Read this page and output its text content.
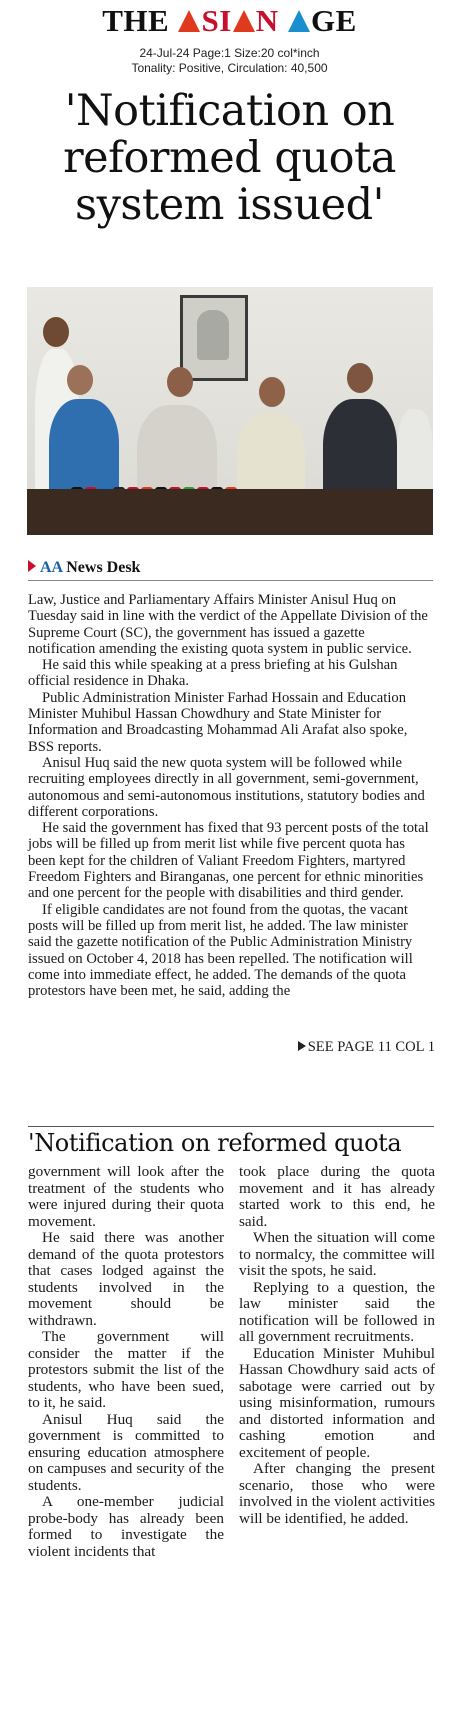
THE SI N GE
24-Jul-24 Page:1 Size:20 col*inch
Tonality: Positive, Circulation: 40,500
'Notification on
reformed quota
system issued'
AA News Desk

Law, Justice and Parliamentary Affairs Minister Anisul Huq on Tuesday said in line with the verdict of the Appellate Division of the Supreme Court (SC), the government has issued a gazette notification amending the existing quota system in public service.

He said this while speaking at a press briefing at his Gulshan official residence in Dhaka.

Public Administration Minister Farhad Hossain and Education Minister Muhibul Hassan Chowdhury and State Minister for Information and Broadcasting Mohammad Ali Arafat also spoke, BSS reports.

Anisul Huq said the new quota system will be followed while recruiting employees directly in all government, semi-government, autonomous and semi-autonomous institutions, statutory bodies and different corporations.

He said the government has fixed that 93 percent posts of the total jobs will be filled up from merit list while five percent quota has been kept for the children of Valiant Freedom Fighters, martyred Freedom Fighters and Biranganas, one percent for ethnic minorities and one percent for the people with disabilities and third gender.

If eligible candidates are not found from the quotas, the vacant posts will be filled up from merit list, he added. The law minister said the gazette notification of the Public Administration Ministry issued on October 4, 2018 has been repelled. The notification will come into immediate effect, he added. The demands of the quota protestors have been met, he said, adding the

SEE PAGE 11 COL 1
'Notification on reformed quota

government will look after the treatment of the students who were injured during their quota movement.

He said there was another demand of the quota protestors that cases lodged against the students involved in the movement should be withdrawn.

The government will consider the matter if the protestors submit the list of the students, who have been sued, to it, he said.

Anisul Huq said the government is committed to ensuring education atmosphere on campuses and security of the students.

A one-member judicial probe-body has already been formed to investigate the violent incidents that

took place during the quota movement and it has already started work to this end, he said.

When the situation will come to normalcy, the committee will visit the spots, he said.

Replying to a question, the law minister said the notification will be followed in all government recruitments.

Education Minister Muhibul Hassan Chowdhury said acts of sabotage were carried out by using misinformation, rumours and distorted information and cashing emotion and excitement of people.

After changing the present scenario, those who were involved in the violent activities will be identified, he added.
